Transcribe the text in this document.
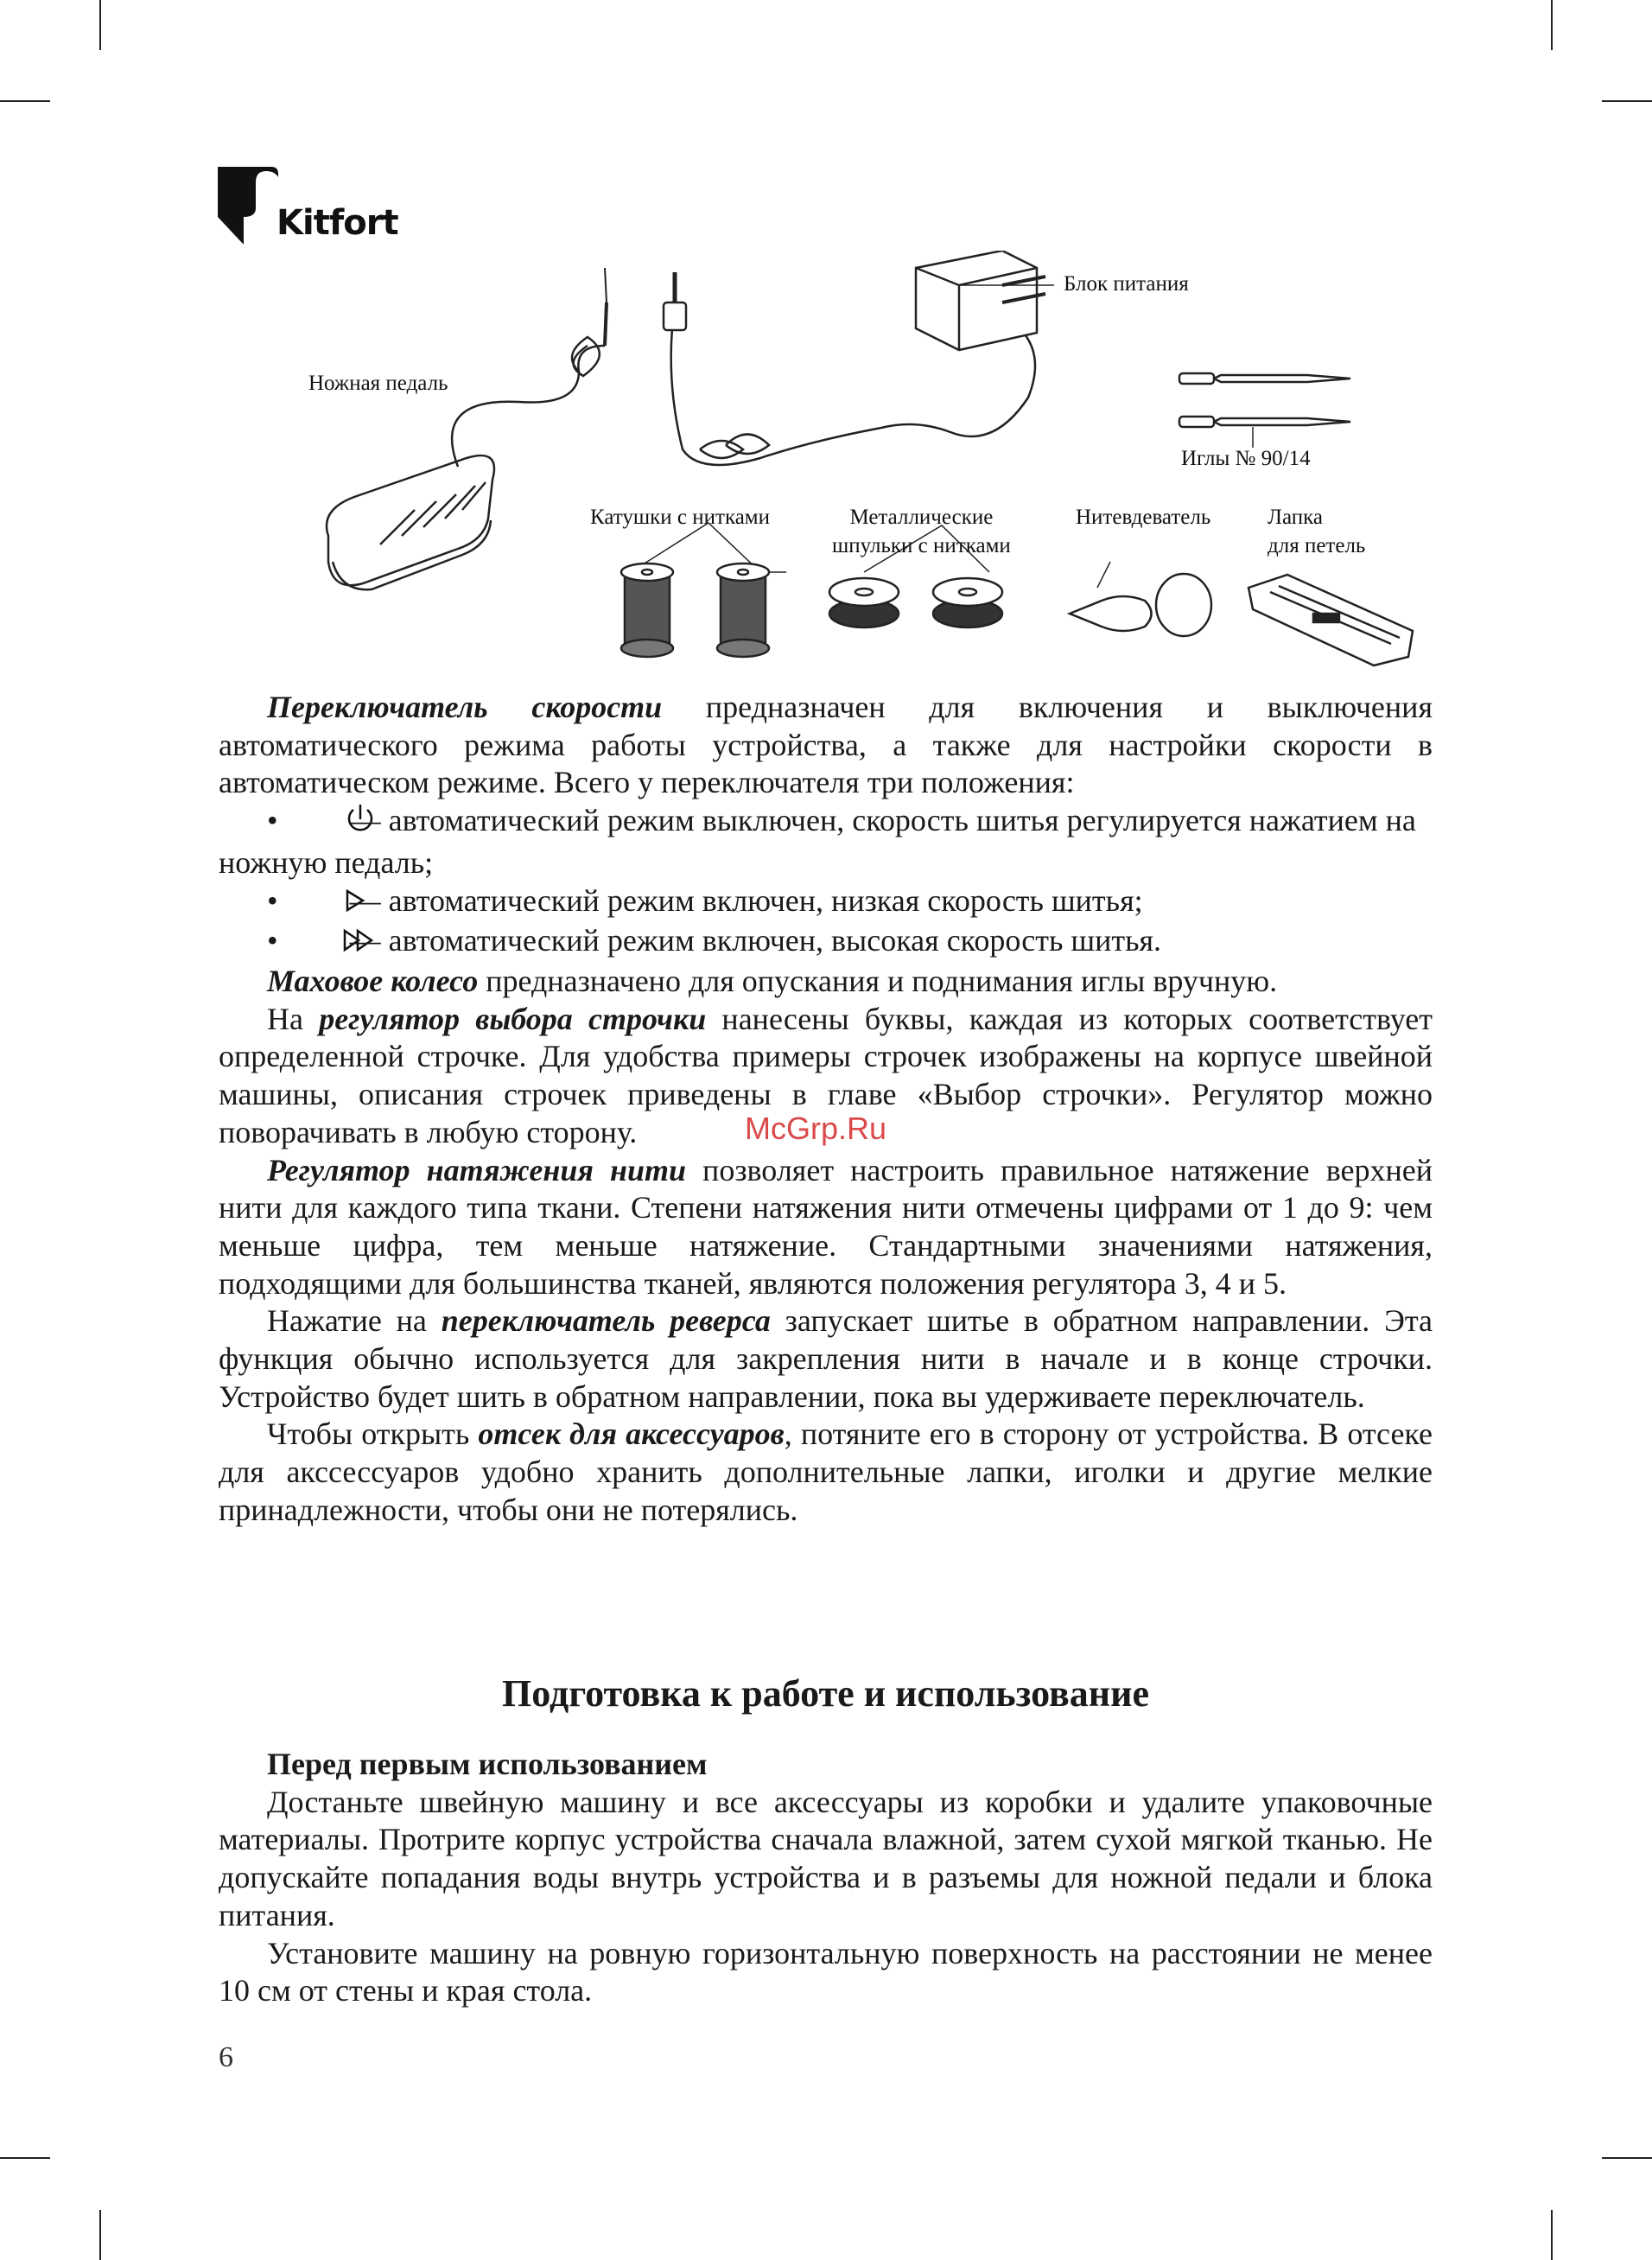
Kitfort
Блок питания
Ножная педаль
Иглы № 90/14
Катушки с нитками	Металлические
шпульки с нитками
Нитевдеватель	Лапка
для петель

Переключатель скорости предназначен для включения и выключения автоматического режима работы устройства, а также для настройки скорости в автоматическом режиме. Всего у переключателя три положения:

•   — автоматический режим выключен, скорость шитья регулируется нажатием на ножную педаль;

•   — автоматический режим включен, низкая скорость шитья;

•   — автоматический режим включен, высокая скорость шитья.

Маховое колесо предназначено для опускания и поднимания иглы вручную.

На регулятор выбора строчки нанесены буквы, каждая из которых соответствует определенной строчке. Для удобства примеры строчек изображены на корпусе швейной машины, описания строчек приведены в главе «Выбор строчки». Регулятор можно поворачивать в любую сторону.

Регулятор натяжения нити позволяет настроить правильное натяжение верхней нити для каждого типа ткани. Степени натяжения нити отмечены цифрами от 1 до 9: чем меньше цифра, тем меньше натяжение. Стандартными значениями натяжения, подходящими для большинства тканей, являются положения регулятора 3, 4 и 5.

Нажатие на переключатель реверса запускает шитье в обратном направлении. Эта функция обычно используется для закрепления нити в начале и в конце строчки. Устройство будет шить в обратном направлении, пока вы удерживаете переключатель.

Чтобы открыть отсек для аксессуаров, потяните его в сторону от устройства. В отсеке для акссессуаров удобно хранить дополнительные лапки, иголки и другие мелкие принадлежности, чтобы они не потерялись.

McGrp.Ru
Подготовка к работе и использование
Перед первым использованием

Достаньте швейную машину и все аксессуары из коробки и удалите упаковочные материалы. Протрите корпус устройства сначала влажной, затем сухой мягкой тканью. Не допускайте попадания воды внутрь устройства и в разъемы для ножной педали и блока питания.

Установите машину на ровную горизонтальную поверхность на расстоянии не менее 10 см от стены и края стола.

6
